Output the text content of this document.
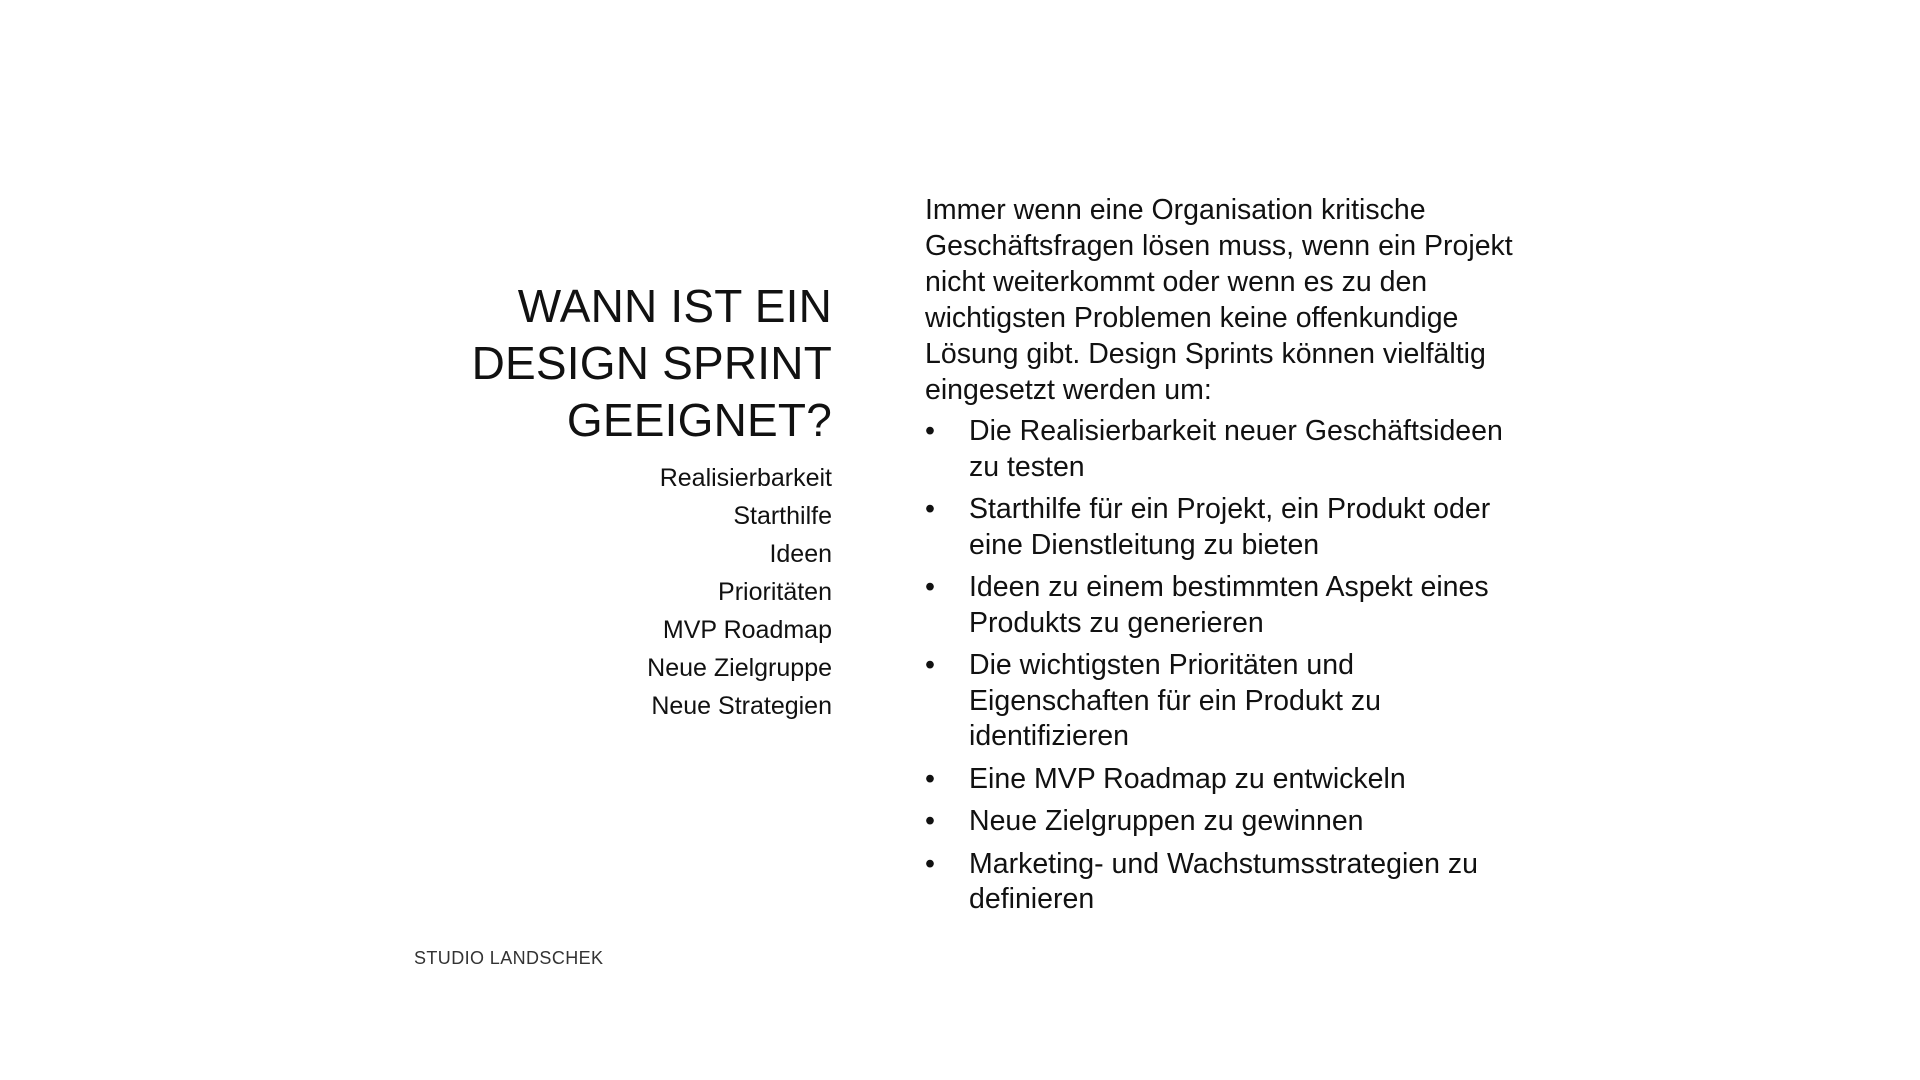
WANN IST EIN
DESIGN SPRINT
GEEIGNET?
Realisierbarkeit
Starthilfe
Ideen
Prioritäten
MVP Roadmap
Neue Zielgruppe
Neue Strategien

Immer wenn eine Organisation kritische Geschäftsfragen lösen muss, wenn ein Projekt nicht weiterkommt oder wenn es zu den wichtigsten Problemen keine offenkundige Lösung gibt. Design Sprints können vielfältig eingesetzt werden um:

•	Die Realisierbarkeit neuer Geschäftsideen zu testen
•	Starthilfe für ein Projekt, ein Produkt oder eine Dienstleitung zu bieten
•	Ideen zu einem bestimmten Aspekt eines Produkts zu generieren
•	Die wichtigsten Prioritäten und Eigenschaften für ein Produkt zu identifizieren
•	Eine MVP Roadmap zu entwickeln
•	Neue Zielgruppen zu gewinnen
•	Marketing- und Wachstumsstrategien zu definieren
STUDIO LANDSCHEK
